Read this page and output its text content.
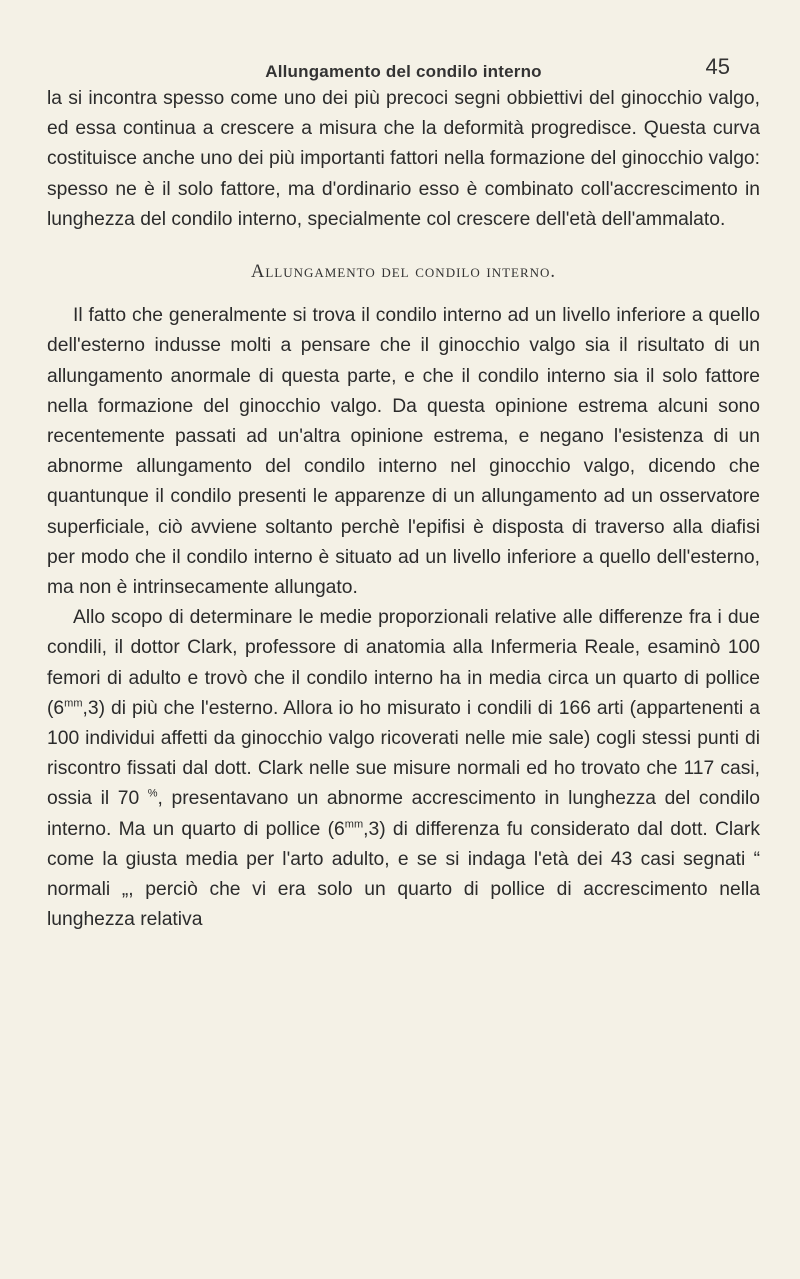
Allungamento del condilo interno	45

la si incontra spesso come uno dei più precoci segni obbiettivi del ginocchio valgo, ed essa continua a crescere a misura che la deformità progredisce. Questa curva costituisce anche uno dei più importanti fattori nella formazione del ginocchio valgo: spesso ne è il solo fattore, ma d'ordinario esso è combinato coll'accrescimento in lunghezza del condilo interno, specialmente col crescere dell'età dell'ammalato.

Allungamento del condilo interno.

Il fatto che generalmente si trova il condilo interno ad un livello inferiore a quello dell'esterno indusse molti a pensare che il ginocchio valgo sia il risultato di un allungamento anormale di questa parte, e che il condilo interno sia il solo fattore nella formazione del ginocchio valgo. Da questa opinione estrema alcuni sono recentemente passati ad un'altra opinione estrema, e negano l'esistenza di un abnorme allungamento del condilo interno nel ginocchio valgo, dicendo che quantunque il condilo presenti le apparenze di un allungamento ad un osservatore superficiale, ciò avviene soltanto perchè l'epifisi è disposta di traverso alla diafisi per modo che il condilo interno è situato ad un livello inferiore a quello dell'esterno, ma non è intrinsecamente allungato.

Allo scopo di determinare le medie proporzionali relative alle differenze fra i due condili, il dottor Clark, professore di anatomia alla Infermeria Reale, esaminò 100 femori di adulto e trovò che il condilo interno ha in media circa un quarto di pollice $(6^{mm},3)$ di più che l'esterno. Allora io ho misurato i condili di 166 arti (appartenenti a 100 individui affetti da ginocchio valgo ricoverati nelle mie sale) cogli stessi punti di riscontro fissati dal dott. Clark nelle sue misure normali ed ho trovato che 117 casi, ossia il 70 %, presentavano un abnorme accrescimento in lunghezza del condilo interno. Ma un quarto di pollice $(6^{mm},3)$ di differenza fu considerato dal dott. Clark come la giusta media per l'arto adulto, e se si indaga l'età dei 43 casi segnati “ normali „, perciò che vi era solo un quarto di pollice di accrescimento nella lunghezza relativa
